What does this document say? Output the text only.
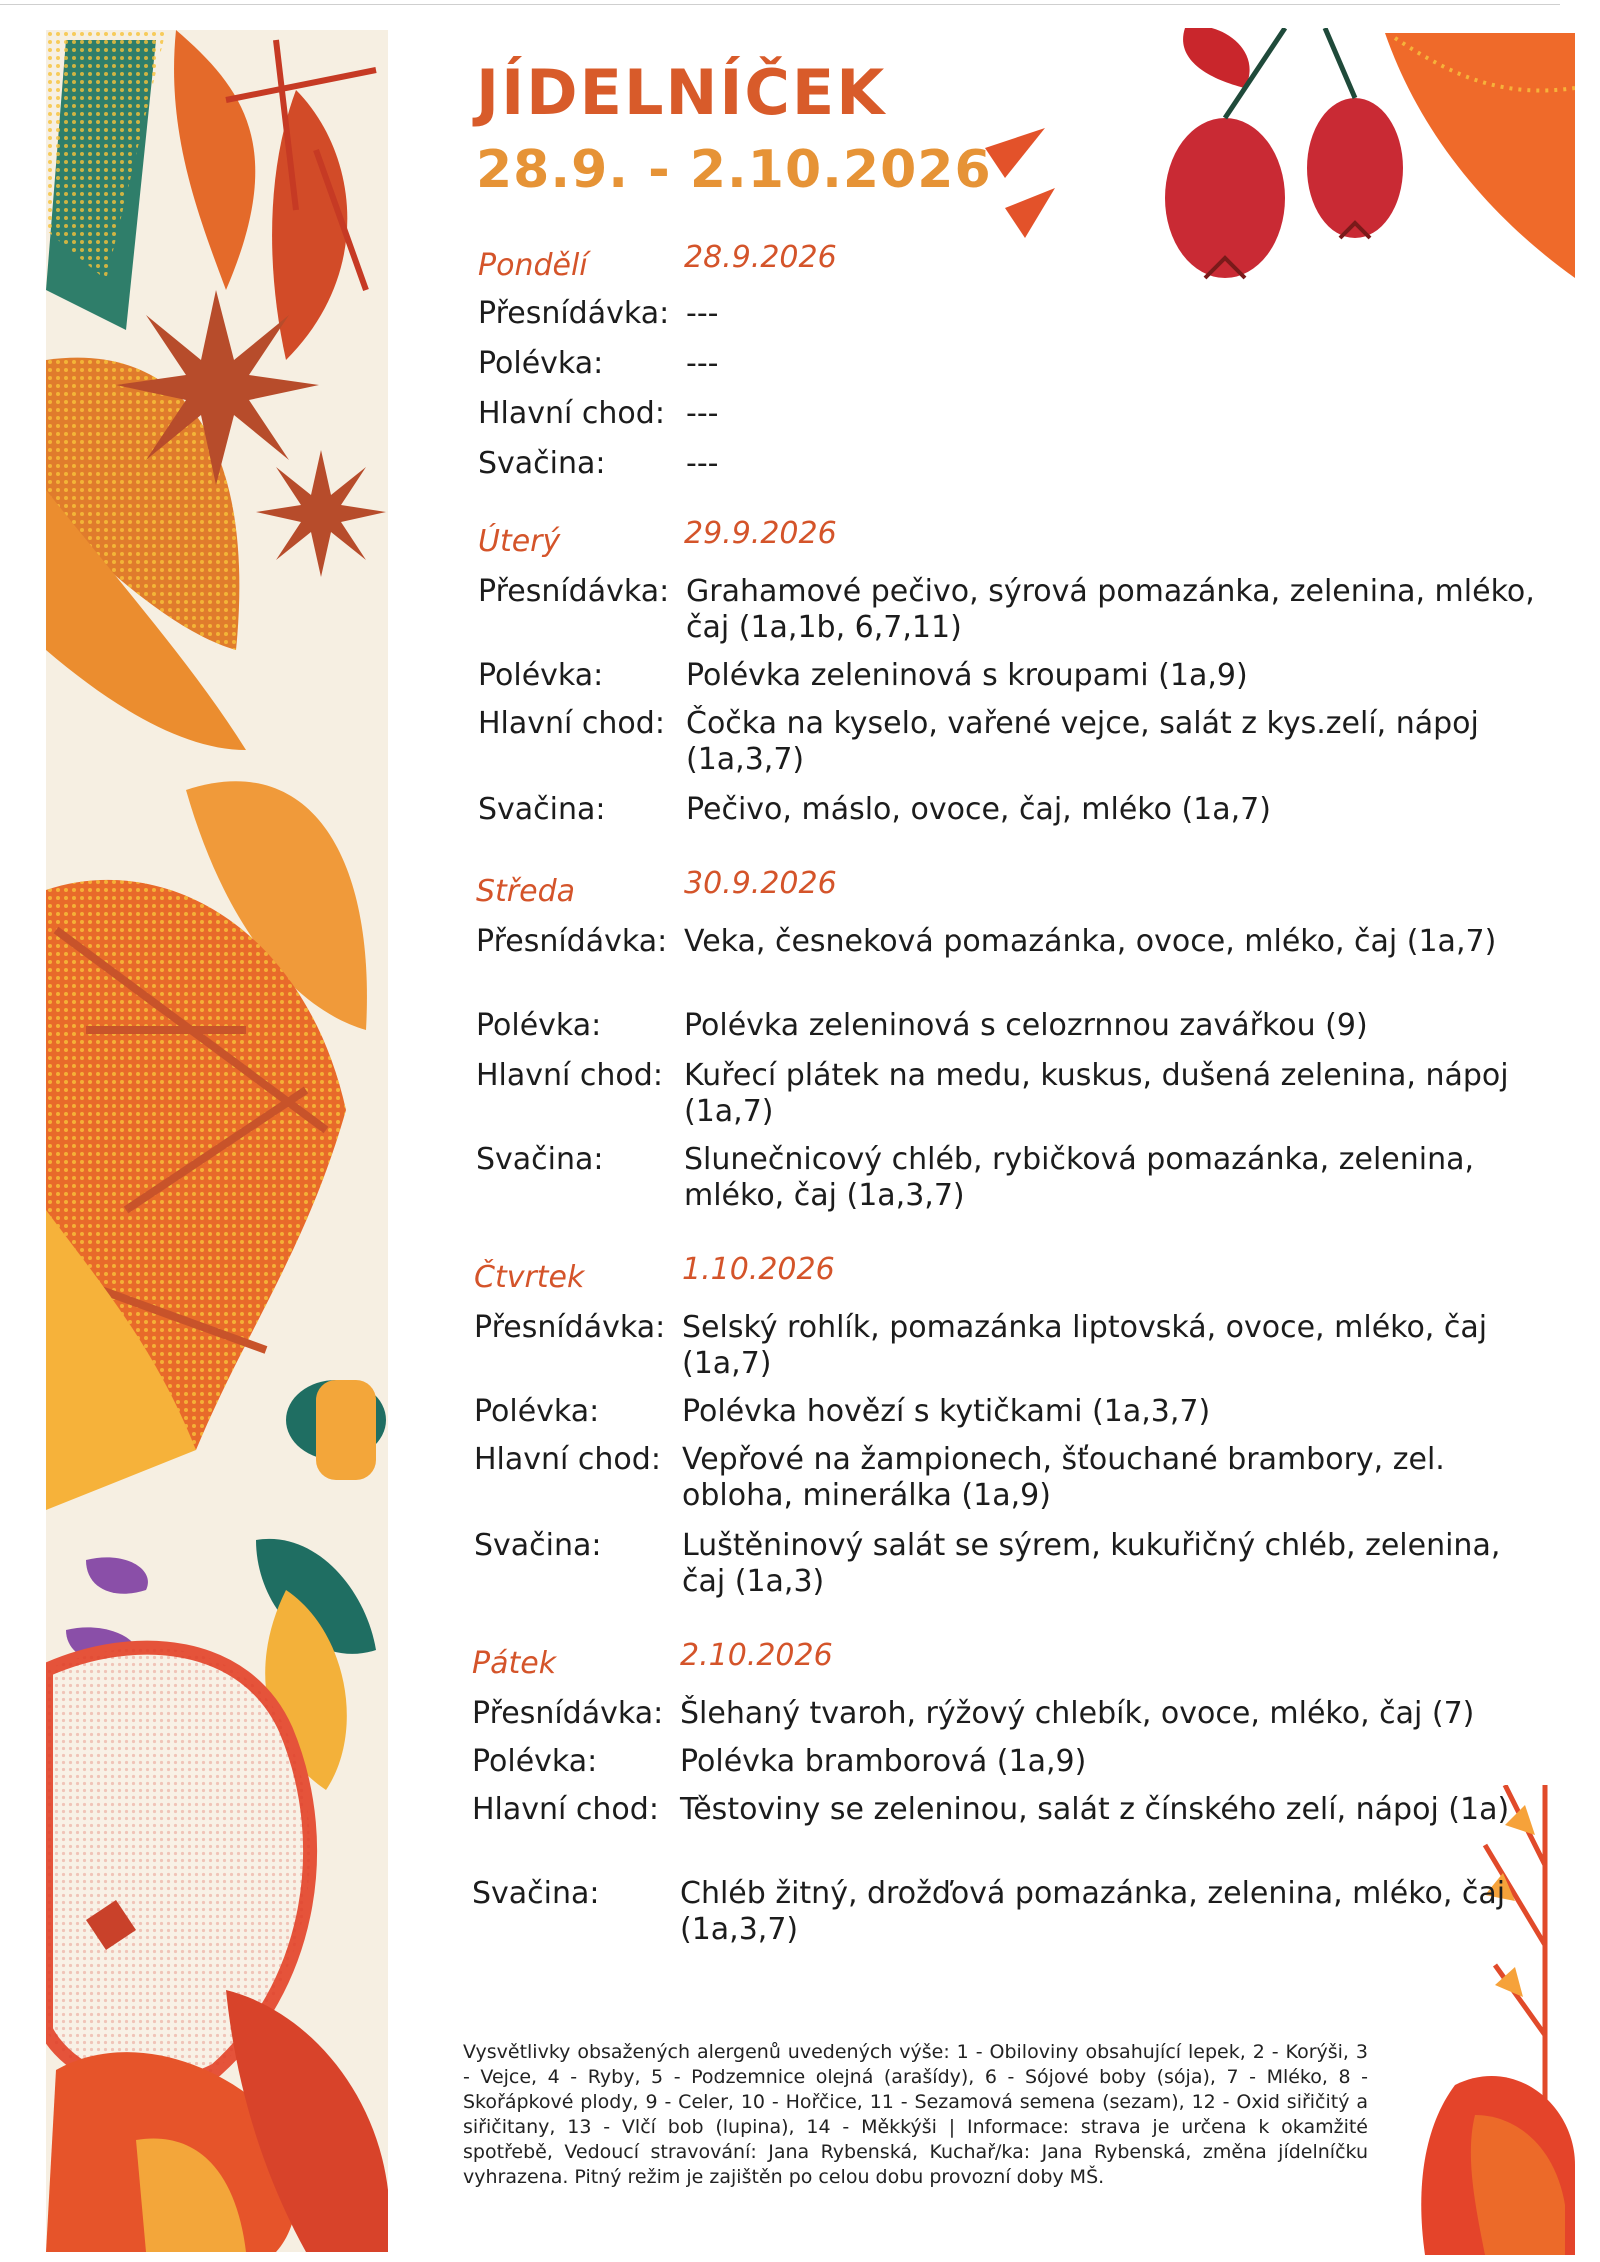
JÍDELNÍČEK
28.9. - 2.10.2026
Pondělí	28.9.2026
Přesnídávka: ---
Polévka:	---
Hlavní chod: ---
Svačina:	---
Úterý	29.9.2026
Přesnídávka: Grahamové pečivo, sýrová pomazánka, zelenina, mléko, čaj (1a,1b, 6,7,11)
Polévka:	Polévka zeleninová s kroupami (1a,9)
Hlavní chod: Čočka na kyselo, vařené vejce, salát z kys.zelí, nápoj (1a,3,7)
Svačina:	Pečivo, máslo, ovoce, čaj, mléko (1a,7)
Středa	30.9.2026
Přesnídávka: Veka, česneková pomazánka, ovoce, mléko, čaj (1a,7)
Polévka:	Polévka zeleninová s celozrnnou zavářkou (9)
Hlavní chod: Kuřecí plátek na medu, kuskus, dušená zelenina, nápoj (1a,7)
Svačina:	Slunečnicový chléb, rybičková pomazánka, zelenina, mléko, čaj (1a,3,7)
Čtvrtek	1.10.2026
Přesnídávka: Selský rohlík, pomazánka liptovská, ovoce, mléko, čaj (1a,7)
Polévka:	Polévka hovězí s kytičkami (1a,3,7)
Hlavní chod: Vepřové na žampionech, šťouchané brambory, zel. obloha, minerálka (1a,9)
Svačina:	Luštěninový salát se sýrem, kukuřičný chléb, zelenina, čaj (1a,3)
Pátek	2.10.2026
Přesnídávka: Šlehaný tvaroh, rýžový chlebík, ovoce, mléko, čaj (7)
Polévka:	Polévka bramborová (1a,9)
Hlavní chod: Těstoviny se zeleninou, salát z čínského zelí, nápoj (1a)
Svačina:	Chléb žitný, drožďová pomazánka, zelenina, mléko, čaj (1a,3,7)
Vysvětlivky obsažených alergenů uvedených výše: 1 - Obiloviny obsahující lepek, 2 - Korýši, 3 - Vejce, 4 - Ryby, 5 - Podzemnice olejná (arašídy), 6 - Sójové boby (sója), 7 - Mléko, 8 - Skořápkové plody, 9 - Celer, 10 - Hořčice, 11 - Sezamová semena (sezam), 12 - Oxid siřičitý a siřičitany, 13 - Vlčí bob (lupina), 14 - Měkkýši | Informace: strava je určena k okamžité spotřebě, Vedoucí stravování: Jana Rybenská, Kuchař/ka: Jana Rybenská, změna jídelníčku vyhrazena. Pitný režim je zajištěn po celou dobu provozní doby MŠ.
